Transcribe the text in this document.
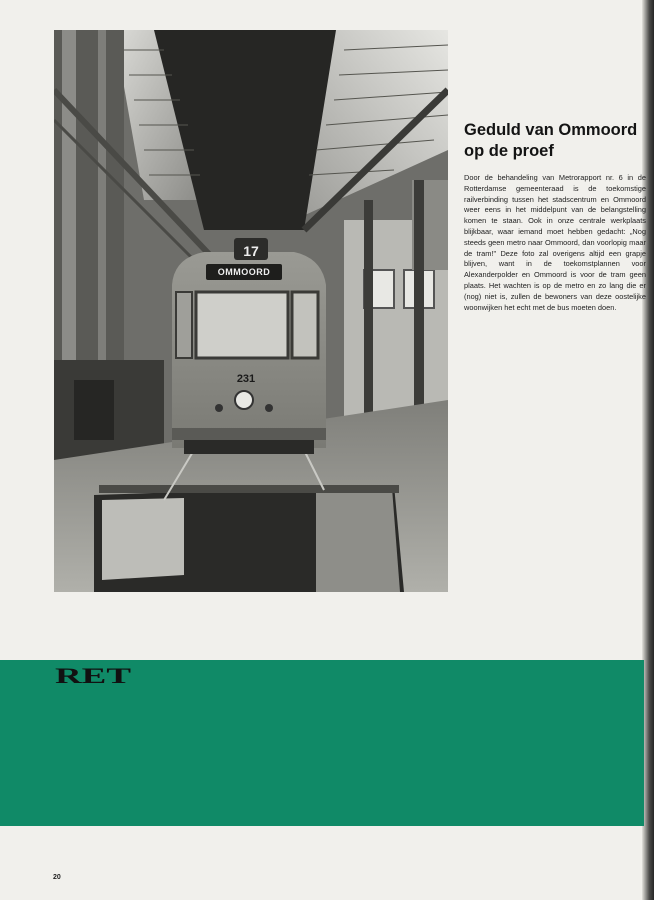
17
OMMOORD
231
Geduld van Ommoord
op de proef

Door de behandeling van Metrorapport nr. 6 in de Rotterdamse gemeenteraad is de toekomstige railverbinding tussen het stadscentrum en Ommoord weer eens in het middelpunt van de belangstelling komen te staan. Ook in onze centrale werkplaats blijkbaar, waar iemand moet hebben gedacht: „Nog steeds geen metro naar Ommoord, dan voorlopig maar de tram!" Deze foto zal overigens altijd een grapje blijven, want in de toekomstplannen voor Alexanderpolder en Ommoord is voor de tram geen plaats. Het wachten is op de metro en zo lang die er (nog) niet is, zullen de bewoners van deze oostelijke woonwijken het echt met de bus moeten doen.

RET

20
